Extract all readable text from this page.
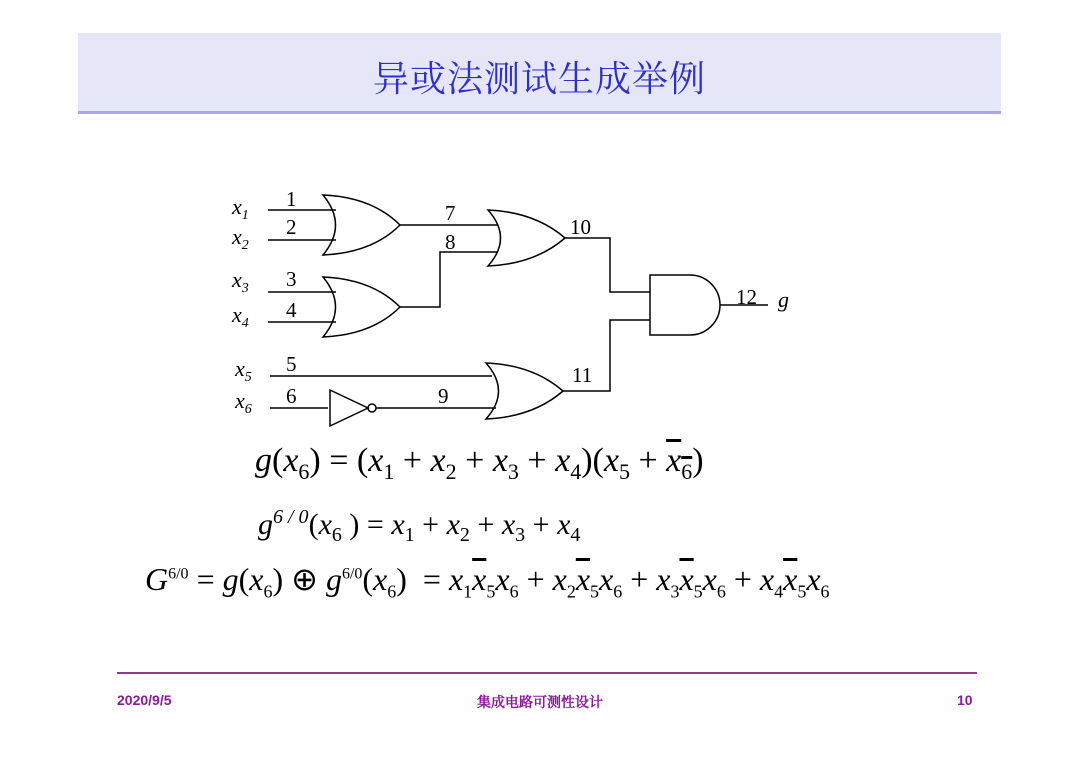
异或法测试生成举例
$x_1$
$x_2$
$x_3$
$x_4$
$x_5$
$x_6$
g
1
2
3
4
5
6
7
8
9
10
11
12
$g(x_6) = (x_1 + x_2 + x_3 + x_4)(x_5 + x_6)$
$g^{6 / 0}(x_6$ ) = $x_1 + x_2 + x_3 + x_4$
$G^{6/0} = g(x_6)$ ⊕ $g^{6/0}(x_6) = x_1\overline{x}_5x_6 + x_2\overline{x}_5x_6 + x_3\overline{x}_5x_6 + x_4\overline{x}_5x_6$
2020/9/5	集成电路可测性设计	10
